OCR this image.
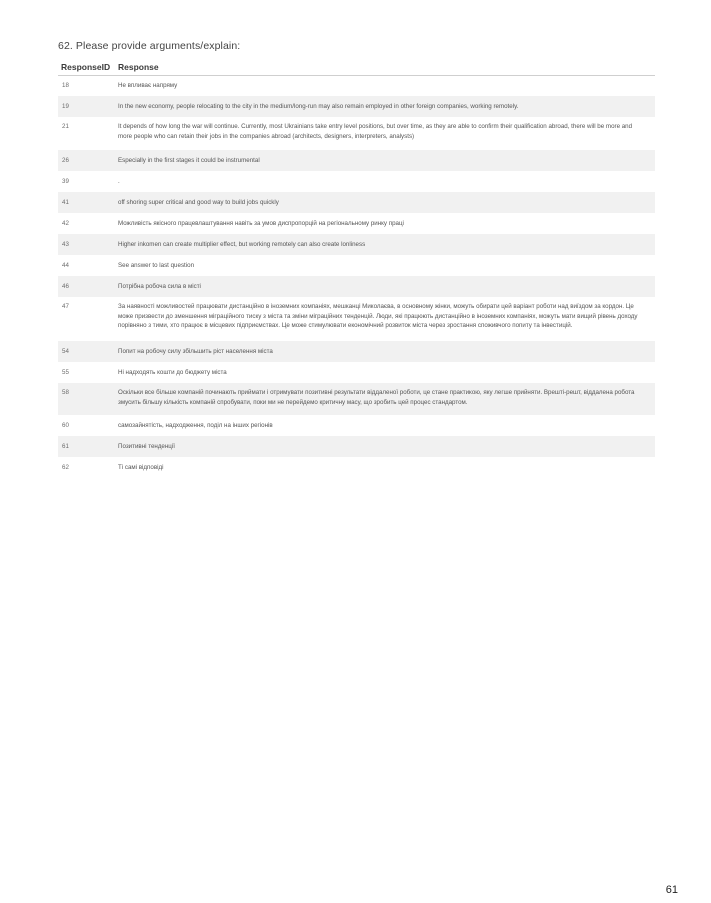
62. Please provide arguments/explain:
ResponseID Response
18	Не впливає напряму
19	In the new economy, people relocating to the city in the medium/long-run may also remain employed in other foreign companies, working remotely.
21	It depends of how long the war will continue. Currently, most Ukrainians take entry level positions, but over time, as they are able to confirm their qualification abroad, there will be more and more people who can retain their jobs in the companies abroad (architects, designers, interpreters, analysts)
26	Especially in the first stages it could be instrumental
39	.
41	off shoring super critical and good way to build jobs quickly
42	Можливість якісного працевлаштування навіть за умов диспропорцій на регіональному ринку праці
43	Higher inkomen can create multiplier effect, but working remotely can also create lonliness
44	See answer to last question
46	Потрібна робоча сила в місті
47	За наявності можливостей працювати дистанційно в іноземних компаніях, мешканці Миколаєва, в основному жінки, можуть обирати цей варіант роботи над виїздом за кордон. Це може призвести до зменшення міграційного тиску з міста та зміни міграційних тенденцій. Люди, які працюють дистанційно в іноземних компаніях, можуть мати вищий рівень доходу порівняно з тими, хто працює в місцевих підприємствах. Це може стимулювати економічний розвиток міста через зростання споживчого попиту та інвестицій.
54	Попит на робочу силу збільшить ріст населення міста
55	Ні надходять кошти до бюджету міста
58	Оскільки все більше компаній починають приймати і отримувати позитивні результати віддаленої роботи, це стане практикою, яку легше прийняти. Врешті-решт, віддалена робота змусить більшу кількість компаній спробувати, поки ми не перейдемо критичну масу, що зробить цей процес стандартом.
60	самозайнятість, надходження, поділ на інших регіонів
61	Позитивні тенденції
62	Ті самі відповіді
61
